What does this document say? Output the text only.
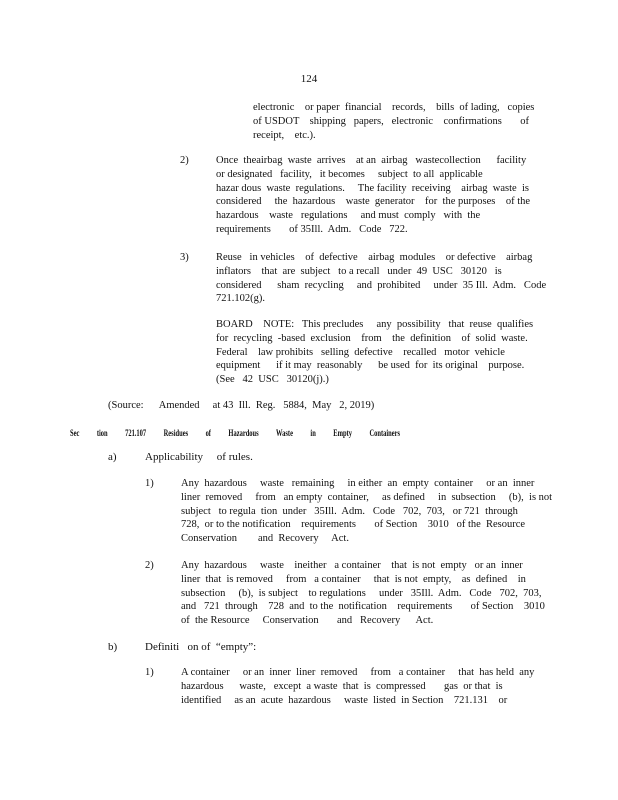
124

electronic    or paper  financial    records,    bills  of lading,   copies
of USDOT    shipping   papers,   electronic    confirmations       of
receipt,    etc.).

2)	Once  theairbag  waste  arrives    at an  airbag   wastecollection      facility
or designated   facility,   it becomes     subject  to all  applicable
hazar dous  waste  regulations.     The facility  receiving    airbag  waste  is
considered     the  hazardous    waste  generator    for  the purposes    of the
hazardous    waste   regulations     and must  comply   with  the
requirements       of 35Ill.  Adm.   Code   722.

3)	Reuse   in vehicles    of  defective    airbag  modules    or defective    airbag
inflators    that  are  subject   to a recall   under  49  USC   30120   is
considered      sham  recycling     and  prohibited     under  35 Ill.  Adm.   Code
721.102(g).

BOARD    NOTE:   This precludes     any  possibility   that  reuse  qualifies
for  recycling  -based  exclusion    from    the  definition    of  solid  waste.
Federal    law prohibits   selling  defective    recalled   motor  vehicle
equipment      if it may  reasonably      be used  for  its original    purpose.
(See   42  USC   30120(j).)

(Source:      Amended     at 43  Ill.  Reg.   5884,  May   2, 2019)

Sec tion 721.107 Residues of Hazardous Waste in Empty Containers
a)	Applicability     of rules.
1)	Any  hazardous     waste   remaining     in either  an  empty  container     or an  inner
liner  removed     from   an empty  container,     as defined     in  subsection     (b),  is not
subject   to regula  tion  under   35Ill.  Adm.   Code   702,  703,   or 721  through
728,  or to the notification    requirements       of Section    3010   of the  Resource
Conservation        and  Recovery     Act.

2)	Any  hazardous     waste    ineither   a container    that  is not  empty   or an  inner
liner  that  is removed     from   a container     that  is not  empty,    as  defined    in
subsection     (b),  is subject    to regulations     under   35Ill.  Adm.   Code   702,  703,
and   721  through    728  and  to the  notification    requirements       of Section    3010
of  the Resource     Conservation       and   Recovery      Act.

b)	Definiti   on of  “empty”:
1)	A container     or an  inner  liner  removed     from   a container     that  has held  any
hazardous      waste,   except  a waste  that  is  compressed       gas  or that  is
identified     as an  acute  hazardous     waste  listed  in Section    721.131    or
